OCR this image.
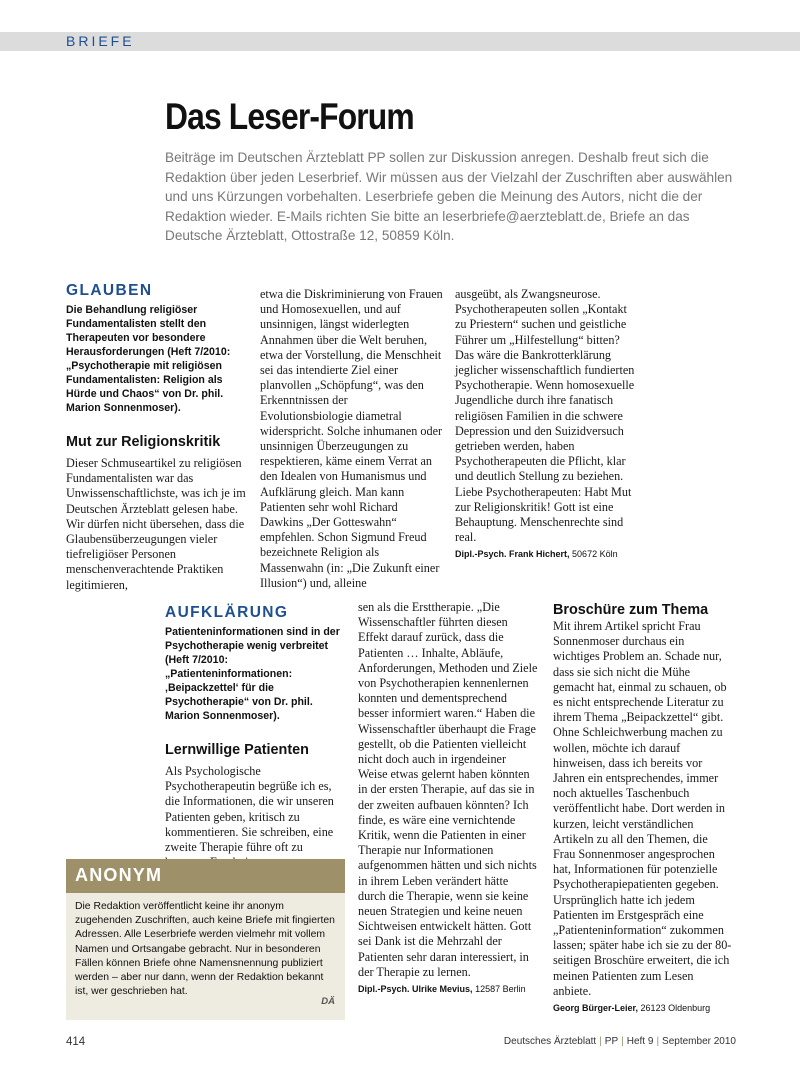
BRIEFE
Das Leser-Forum

Beiträge im Deutschen Ärzteblatt PP sollen zur Diskussion anregen. Deshalb freut sich die Redaktion über jeden Leserbrief. Wir müssen aus der Vielzahl der Zuschriften aber auswählen und uns Kürzungen vorbehalten. Leserbriefe geben die Meinung des Autors, nicht die der Redaktion wieder. E-Mails richten Sie bitte an leserbriefe@aerzteblatt.de, Briefe an das Deutsche Ärzteblatt, Ottostraße 12, 50859 Köln.

GLAUBEN

Die Behandlung religiöser Fundamentalisten stellt den Therapeuten vor besondere Herausforderungen (Heft 7/2010: „Psychotherapie mit religiösen Fundamentalisten: Religion als Hürde und Chaos“ von Dr. phil. Marion Sonnenmoser).

Mut zur Religionskritik

Dieser Schmuseartikel zu religiösen Fundamentalisten war das Unwissenschaftlichste, was ich je im Deutschen Ärzteblatt gelesen habe. Wir dürfen nicht übersehen, dass die Glaubensüberzeugungen vieler tiefreligiöser Personen menschenverachtende Praktiken legitimieren,

etwa die Diskriminierung von Frauen und Homosexuellen, und auf unsinnigen, längst widerlegten Annahmen über die Welt beruhen, etwa der Vorstellung, die Menschheit sei das intendierte Ziel einer planvollen „Schöpfung“, was den Erkenntnissen der Evolutionsbiologie diametral widerspricht. Solche inhumanen oder unsinnigen Überzeugungen zu respektieren, käme einem Verrat an den Idealen von Humanismus und Aufklärung gleich. Man kann Patienten sehr wohl Richard Dawkins „Der Gotteswahn“ empfehlen. Schon Sigmund Freud bezeichnete Religion als Massenwahn (in: „Die Zukunft einer Illusion“) und, alleine

ausgeübt, als Zwangsneurose. Psychotherapeuten sollen „Kontakt zu Priestern“ suchen und geistliche Führer um „Hilfestellung“ bitten? Das wäre die Bankrotterklärung jeglicher wissenschaftlich fundierten Psychotherapie. Wenn homosexuelle Jugendliche durch ihre fanatisch religiösen Familien in die schwere Depression und den Suizidversuch getrieben werden, haben Psychotherapeuten die Pflicht, klar und deutlich Stellung zu beziehen. Liebe Psychotherapeuten: Habt Mut zur Religionskritik! Gott ist eine Behauptung. Menschenrechte sind real.

Dipl.-Psych. Frank Hichert, 50672 Köln

AUFKLÄRUNG

Patienteninformationen sind in der Psychotherapie wenig verbreitet (Heft 7/2010: „Patienteninformationen: ‚Beipackzettel‘ für die Psychotherapie“ von Dr. phil. Marion Sonnenmoser).

Lernwillige Patienten

Als Psychologische Psychotherapeutin begrüße ich es, die Informationen, die wir unseren Patienten geben, kritisch zu kommentieren. Sie schreiben, eine zweite Therapie führe oft zu

sen als die Ersttherapie. „Die Wissenschaftler führten diesen Effekt darauf zurück, dass die Patienten … Inhalte, Abläufe, Anforderungen, Methoden und Ziele von Psychotherapien kennenlernen konnten und dementsprechend besser informiert waren.“ Haben die Wissenschaftler überhaupt die Frage gestellt, ob die Patienten vielleicht nicht doch auch in irgendeiner Weise etwas gelernt haben könnten in der ersten Therapie, auf das sie in der zweiten aufbauen könnten? Ich finde, es wäre eine vernichtende Kritik, wenn die Patienten in einer Therapie nur Informationen aufgenommen hätten und sich nichts in ihrem Leben verändert hätte durch die Therapie, wenn sie keine neuen Strategien und keine neuen Sichtweisen entwickelt hätten. Gott sei Dank ist die Mehrzahl der Patienten sehr daran interessiert, in der Therapie zu lernen.

Dipl.-Psych. Ulrike Mevius, 12587 Berlin

Broschüre zum Thema

Mit ihrem Artikel spricht Frau Sonnenmoser durchaus ein wichtiges Problem an. Schade nur, dass sie sich nicht die Mühe gemacht hat, einmal zu schauen, ob es nicht entsprechende Literatur zu ihrem Thema „Beipackzettel“ gibt. Ohne Schleichwerbung machen zu wollen, möchte ich darauf hinweisen, dass ich bereits vor Jahren ein entsprechendes, immer noch aktuelles Taschenbuch veröffentlicht habe. Dort werden in kurzen, leicht verständlichen Artikeln zu all den Themen, die Frau Sonnenmoser angesprochen hat, Informationen für potenzielle Psychotherapiepatienten gegeben. Ursprünglich hatte ich jedem Patienten im Erstgespräch eine „Patienteninformation“ zukommen lassen; später habe ich sie zu der 80-seitigen Broschüre erweitert, die ich meinen Patienten zum Lesen anbiete.

Georg Bürger-Leier, 26123 Oldenburg

ANONYM

Die Redaktion veröffentlicht keine ihr anonym zugehenden Zuschriften, auch keine Briefe mit fingierten Adressen. Alle Leserbriefe werden vielmehr mit vollem Namen und Ortsangabe gebracht. Nur in besonderen Fällen können Briefe ohne Namensnennung publiziert werden – aber nur dann, wenn der Redaktion bekannt ist, wer geschrieben hat.

DÄ
414	Deutsches Ärzteblatt | PP | Heft 9 | September 2010
